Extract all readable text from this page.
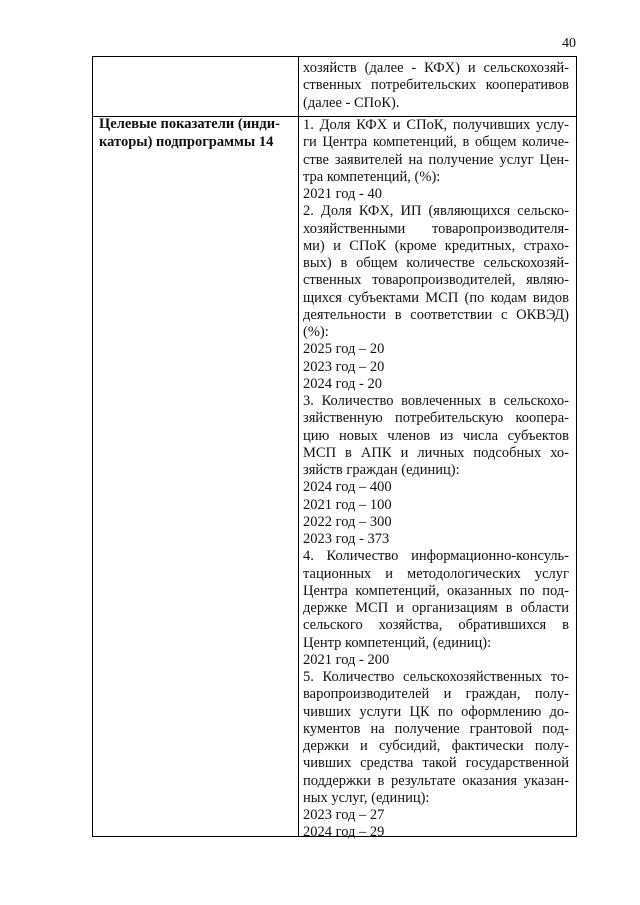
40
хозяйств (далее - КФХ) и сельскохозяй-
ственных потребительских кооперативов
(далее - СПоК).
Целевые показатели (инди-
каторы) подпрограммы 14
1. Доля КФХ и СПоК, получивших услу-
ги Центра компетенций, в общем количе-
стве заявителей на получение услуг Цен-
тра компетенций, (%):
2021 год - 40
2. Доля КФХ, ИП (являющихся сельско-
хозяйственными товаропроизводителя-
ми) и СПоК (кроме кредитных, страхо-
вых) в общем количестве сельскохозяй-
ственных товаропроизводителей, являю-
щихся субъектами МСП (по кодам видов
деятельности в соответствии с ОКВЭД)
(%):
2025 год – 20
2023 год – 20
2024 год - 20
3. Количество вовлеченных в сельскохо-
зяйственную потребительскую коопера-
цию новых членов из числа субъектов
МСП в АПК и личных подсобных хо-
зяйств граждан (единиц):
2024 год – 400
2021 год – 100
2022 год – 300
2023 год - 373
4. Количество информационно-консуль-
тационных и методологических услуг
Центра компетенций, оказанных по под-
держке МСП и организациям в области
сельского хозяйства, обратившихся в
Центр компетенций, (единиц):
2021 год - 200
5. Количество сельскохозяйственных то-
варопроизводителей и граждан, полу-
чивших услуги ЦК по оформлению до-
кументов на получение грантовой под-
держки и субсидий, фактически полу-
чивших средства такой государственной
поддержки в результате оказания указан-
ных услуг, (единиц):
2023 год – 27
2024 год – 29
